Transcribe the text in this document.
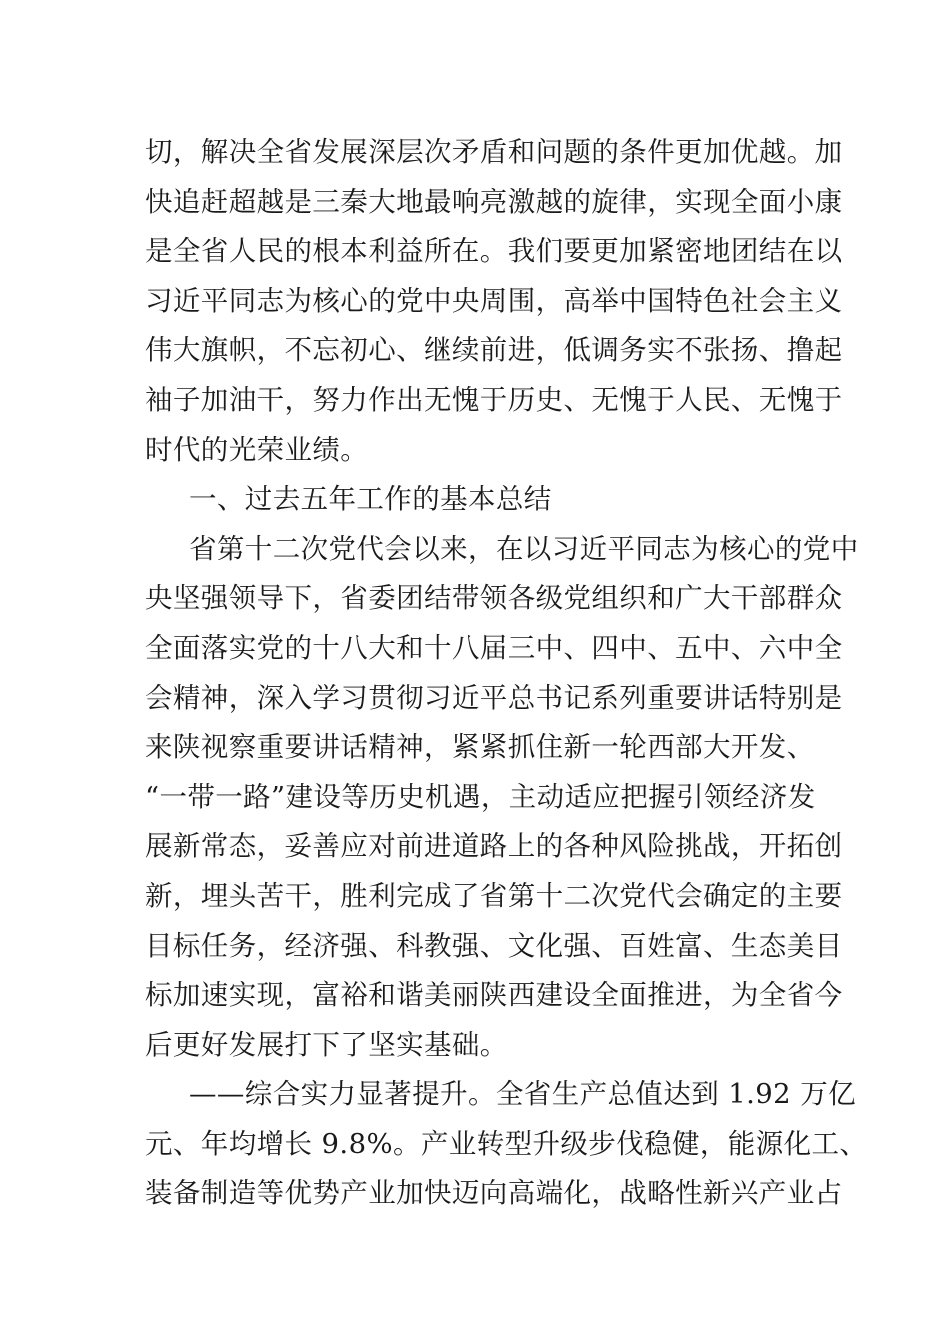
切，解决全省发展深层次矛盾和问题的条件更加优越。加
快追赶超越是三秦大地最响亮激越的旋律，实现全面小康
是全省人民的根本利益所在。我们要更加紧密地团结在以
习近平同志为核心的党中央周围，高举中国特色社会主义
伟大旗帜，不忘初心、继续前进，低调务实不张扬、撸起
袖子加油干，努力作出无愧于历史、无愧于人民、无愧于
时代的光荣业绩。
一、过去五年工作的基本总结
省第十二次党代会以来，在以习近平同志为核心的党中
央坚强领导下，省委团结带领各级党组织和广大干部群众
全面落实党的十八大和十八届三中、四中、五中、六中全
会精神，深入学习贯彻习近平总书记系列重要讲话特别是
来陕视察重要讲话精神，紧紧抓住新一轮西部大开发、
“一带一路”建设等历史机遇，主动适应把握引领经济发
展新常态，妥善应对前进道路上的各种风险挑战，开拓创
新，埋头苦干，胜利完成了省第十二次党代会确定的主要
目标任务，经济强、科教强、文化强、百姓富、生态美目
标加速实现，富裕和谐美丽陕西建设全面推进，为全省今
后更好发展打下了坚实基础。
——综合实力显著提升。全省生产总值达到 1.92 万亿
元、年均增长 9.8%。产业转型升级步伐稳健，能源化工、
装备制造等优势产业加快迈向高端化，战略性新兴产业占
